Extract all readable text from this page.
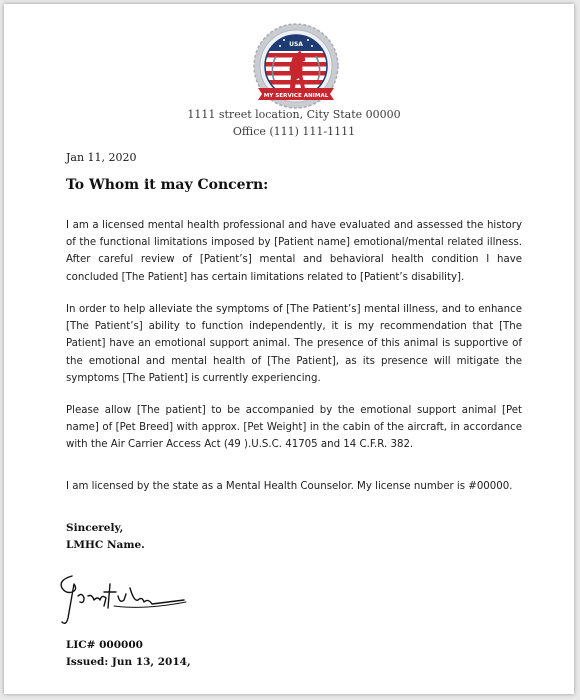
USA
MY SERVICE ANIMAL
1111 street location, City State 00000
Office (111) 111-1111
Jan 11, 2020
To Whom it may Concern:

I am a licensed mental health professional and have evaluated and assessed the history of the functional limitations imposed by [Patient name] emotional/mental related illness. After careful review of [Patient’s] mental and behavioral health condition I have concluded [The Patient] has certain limitations related to [Patient’s disability].

In order to help alleviate the symptoms of [The Patient’s] mental illness, and to enhance [The Patient’s] ability to function independently, it is my recommendation that [The Patient] have an emotional support animal. The presence of this animal is supportive of the emotional and mental health of [The Patient], as its presence will mitigate the symptoms [The Patient] is currently experiencing.

Please allow [The patient] to be accompanied by the emotional support animal [Pet name] of [Pet Breed] with approx. [Pet Weight] in the cabin of the aircraft, in accordance with the Air Carrier Access Act (49 ).U.S.C. 41705 and 14 C.F.R. 382.

I am licensed by the state as a Mental Health Counselor. My license number is #00000.

Sincerely,
LMHC Name.
LIC# 000000
Issued: Jun 13, 2014,
